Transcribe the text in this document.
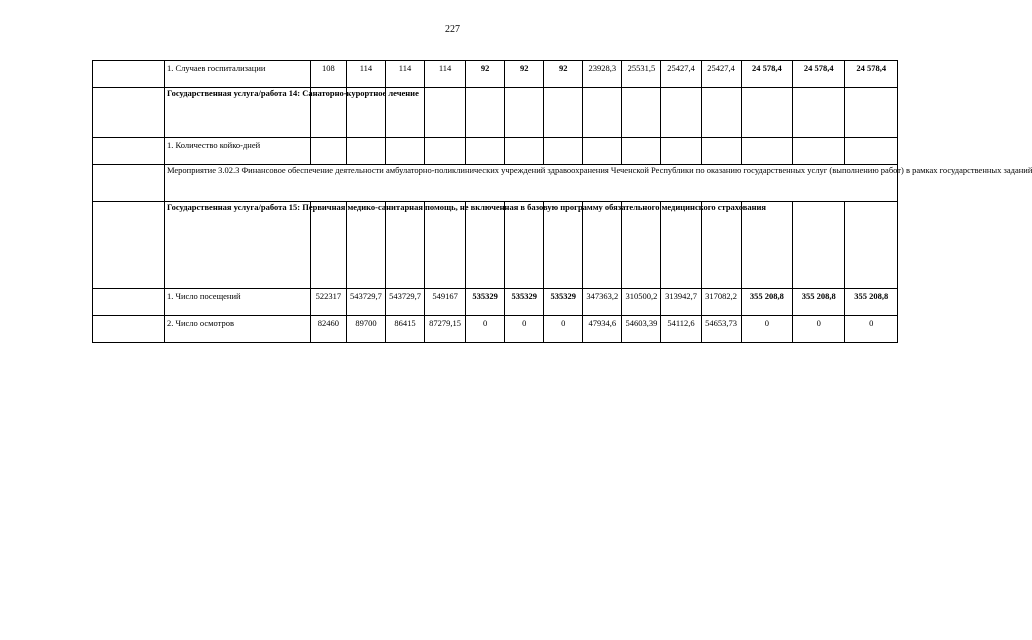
227
	1. Случаев госпитализации	108	114	114	114	92	92	92	23928,3	25531,5	25427,4	25427,4	24 578,4	24 578,4	24 578,4
	Государственная услуга/работа 14: Санаторно-курортное лечение														
	1. Количество койко-дней														
	Мероприятие 3.02.3 Финансовое обеспечение деятельности амбулаторно-поликлинических учреждений здравоохранения Чеченской Республики по оказанию государственных услуг (выполнению работ) в рамках государственных заданий														
	Государственная услуга/работа 15: Первичная медико-санитарная помощь, не включенная в базовую программу обязательного медицинского страхования														
	1. Число посещений	522317	543729,7	543729,7	549167	535329	535329	535329	347363,2	310500,2	313942,7	317082,2	355 208,8	355 208,8	355 208,8
	2. Число осмотров	82460	89700	86415	87279,15	0	0	0	47934,6	54603,39	54112,6	54653,73	0	0	0
